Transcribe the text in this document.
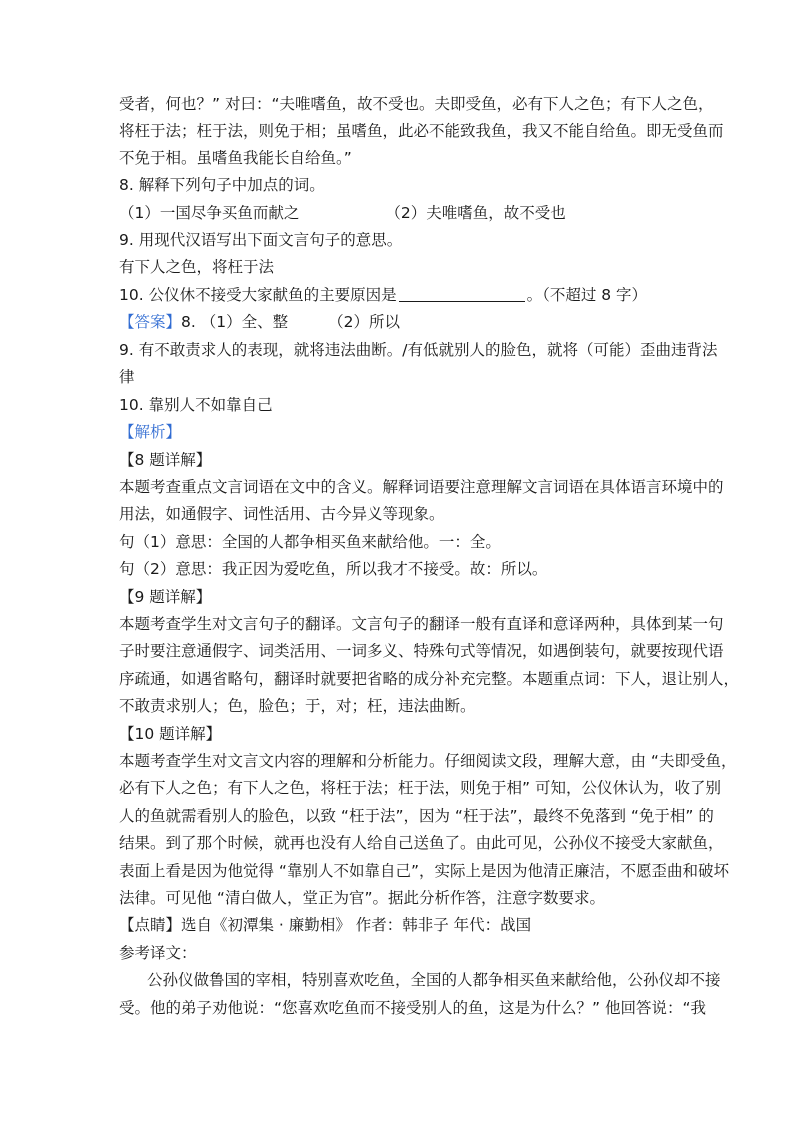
受者，何也？” 对曰：“夫唯嗜鱼，故不受也。夫即受鱼，必有下人之色；有下人之色，
将枉于法；枉于法，则免于相；虽嗜鱼，此必不能致我鱼，我又不能自给鱼。即无受鱼而
不免于相。虽嗜鱼我能长自给鱼。”
8. 解释下列句子中加点的词。
（1）一国尽争买鱼而献之	（2）夫唯嗜鱼，故不受也
9. 用现代汉语写出下面文言句子的意思。
有下人之色，将枉于法
10. 公仪休不接受大家献鱼的主要原因是	。（不超过 8 字）
【答案】8. （1）全、整	（2）所以
9. 有不敢责求人的表现，就将违法曲断。/有低就别人的脸色，就将（可能）歪曲违背法
律
10. 靠别人不如靠自己
【解析】
【8 题详解】
本题考查重点文言词语在文中的含义。解释词语要注意理解文言词语在具体语言环境中的
用法，如通假字、词性活用、古今异义等现象。
句（1）意思：全国的人都争相买鱼来献给他。一：全。
句（2）意思：我正因为爱吃鱼，所以我才不接受。故：所以。
【9 题详解】
本题考查学生对文言句子的翻译。文言句子的翻译一般有直译和意译两种，具体到某一句
子时要注意通假字、词类活用、一词多义、特殊句式等情况，如遇倒装句，就要按现代语
序疏通，如遇省略句，翻译时就要把省略的成分补充完整。本题重点词：下人，退让别人，
不敢责求别人；色，脸色；于，对；枉，违法曲断。
【10 题详解】
本题考查学生对文言文内容的理解和分析能力。仔细阅读文段，理解大意，由 “夫即受鱼，
必有下人之色；有下人之色，将枉于法；枉于法，则免于相” 可知，公仪休认为，收了别
人的鱼就需看别人的脸色，以致 “枉于法”，因为 “枉于法”，最终不免落到 “免于相” 的
结果。到了那个时候，就再也没有人给自己送鱼了。由此可见，公孙仪不接受大家献鱼，
表面上看是因为他觉得 “靠别人不如靠自己”，实际上是因为他清正廉洁，不愿歪曲和破坏
法律。可见他 “清白做人，堂正为官”。据此分析作答，注意字数要求。
【点睛】选自《初潭集 · 廉勤相》 作者：韩非子 年代：战国
参考译文：
公孙仪做鲁国的宰相，特别喜欢吃鱼，全国的人都争相买鱼来献给他，公孙仪却不接
受。他的弟子劝他说：“您喜欢吃鱼而不接受别人的鱼，这是为什么？” 他回答说：“我
